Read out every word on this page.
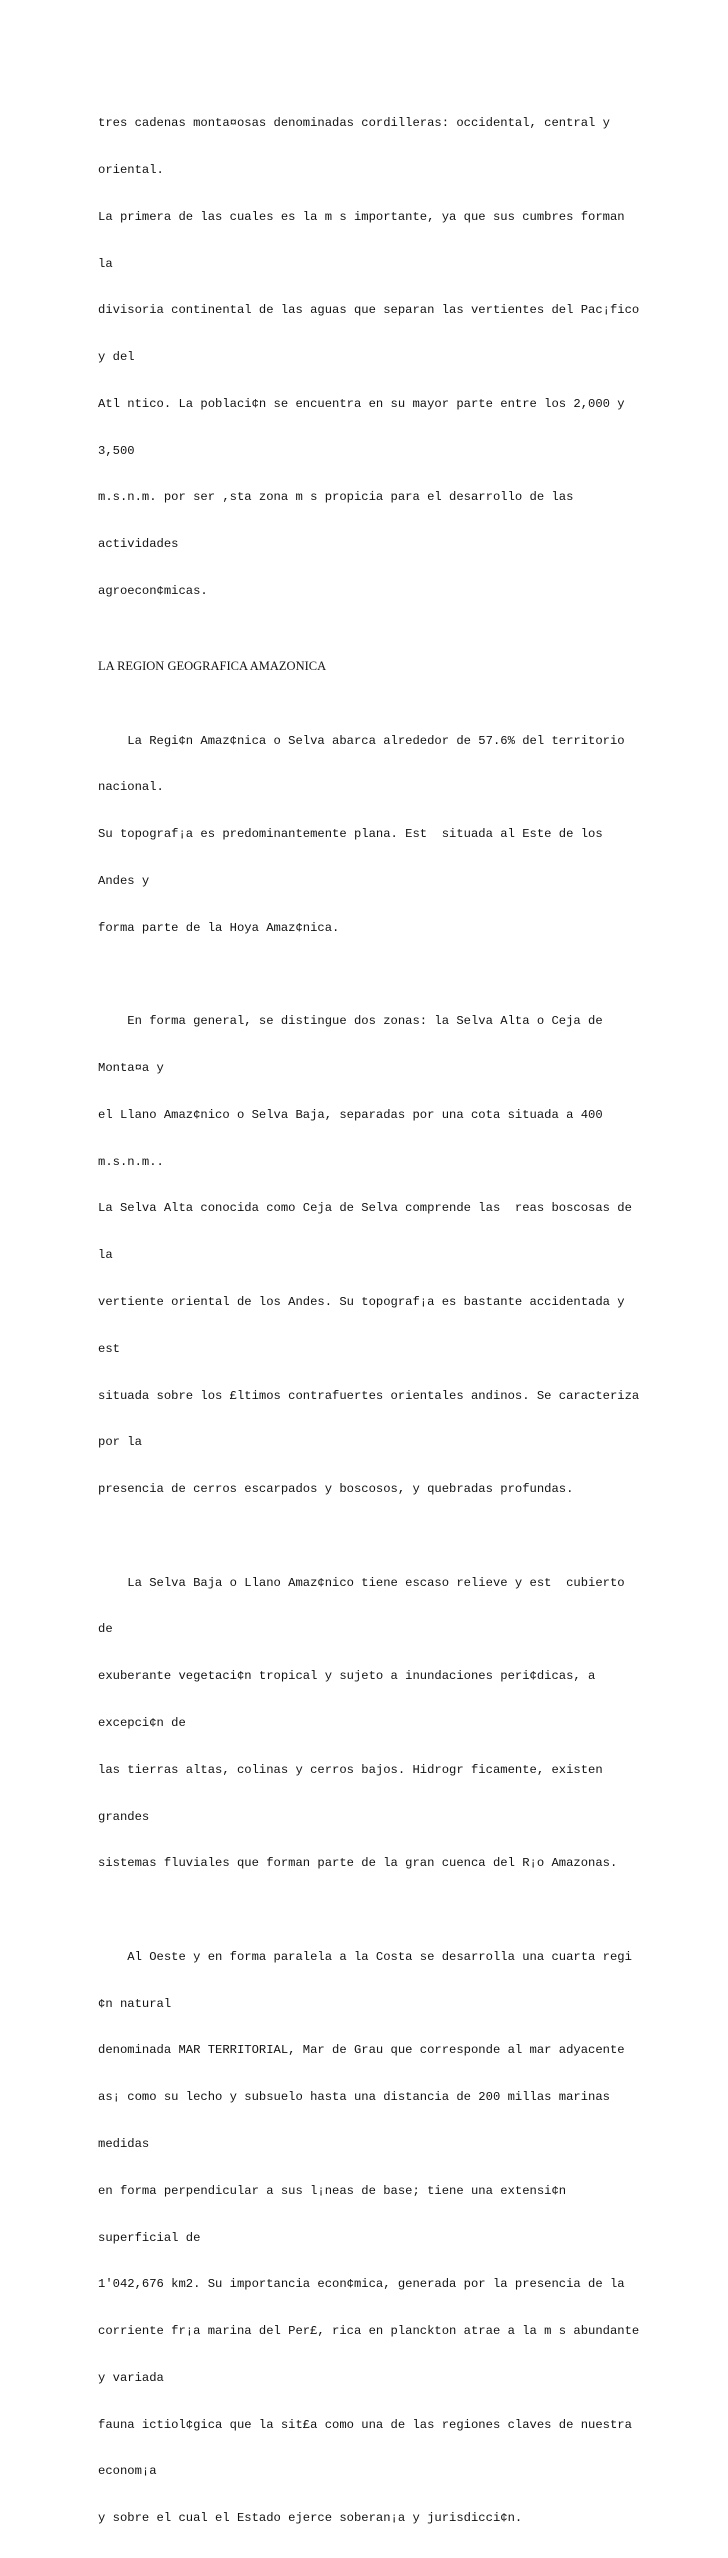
tres cadenas monta¤osas denominadas cordilleras: occidental, central y

oriental.

La primera de las cuales es la m s importante, ya que sus cumbres forman

la

divisoria continental de las aguas que separan las vertientes del Pac¡fico

y del

Atl ntico. La poblaci¢n se encuentra en su mayor parte entre los 2,000 y

3,500

m.s.n.m. por ser ,sta zona m s propicia para el desarrollo de las

actividades

agroecon¢micas.

LA REGION GEOGRAFICA AMAZONICA

La Regi¢n Amaz¢nica o Selva abarca alrededor de 57.6% del territorio

nacional.

Su topograf¡a es predominantemente plana. Est  situada al Este de los

Andes y

forma parte de la Hoya Amaz¢nica.

En forma general, se distingue dos zonas: la Selva Alta o Ceja de

Monta¤a y

el Llano Amaz¢nico o Selva Baja, separadas por una cota situada a 400

m.s.n.m..

La Selva Alta conocida como Ceja de Selva comprende las  reas boscosas de

la

vertiente oriental de los Andes. Su topograf¡a es bastante accidentada y

est

situada sobre los £ltimos contrafuertes orientales andinos. Se caracteriza

por la

presencia de cerros escarpados y boscosos, y quebradas profundas.

La Selva Baja o Llano Amaz¢nico tiene escaso relieve y est  cubierto

de

exuberante vegetaci¢n tropical y sujeto a inundaciones peri¢dicas, a

excepci¢n de

las tierras altas, colinas y cerros bajos. Hidrogr ficamente, existen

grandes

sistemas fluviales que forman parte de la gran cuenca del R¡o Amazonas.

Al Oeste y en forma paralela a la Costa se desarrolla una cuarta regi

¢n natural

denominada MAR TERRITORIAL, Mar de Grau que corresponde al mar adyacente

as¡ como su lecho y subsuelo hasta una distancia de 200 millas marinas

medidas

en forma perpendicular a sus l¡neas de base; tiene una extensi¢n

superficial de

1'042,676 km2. Su importancia econ¢mica, generada por la presencia de la

corriente fr¡a marina del Per£, rica en planckton atrae a la m s abundante

y variada

fauna ictiol¢gica que la sit£a como una de las regiones claves de nuestra

econom¡a

y sobre el cual el Estado ejerce soberan¡a y jurisdicci¢n.
